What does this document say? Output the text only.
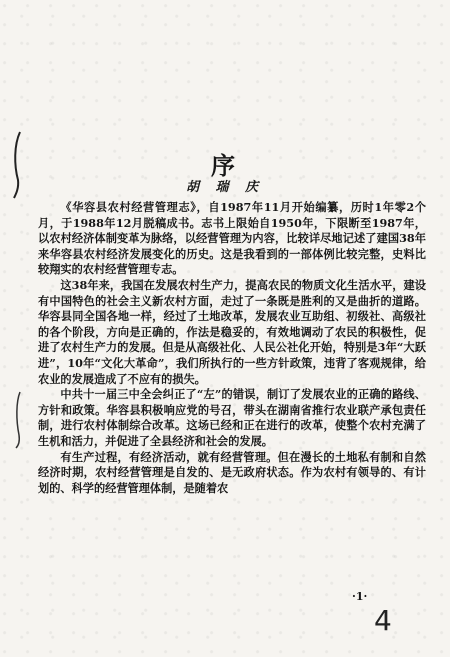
序
胡 瑞 庆

《华容县农村经营管理志》，自1987年11月开始编纂，历时1年零2个月，于1988年12月脱稿成书。志书上限始自1950年，下限断至1987年，以农村经济体制变革为脉络，以经营管理为内容，比较详尽地记述了建国38年来华容县农村经济发展变化的历史。这是我看到的一部体例比较完整，史料比较翔实的农村经营管理专志。

这38年来，我国在发展农村生产力，提高农民的物质文化生活水平，建设有中国特色的社会主义新农村方面，走过了一条既是胜利的又是曲折的道路。华容县同全国各地一样，经过了土地改革，发展农业互助组、初级社、高级社的各个阶段，方向是正确的，作法是稳妥的，有效地调动了农民的积极性，促进了农村生产力的发展。但是从高级社化、人民公社化开始，特别是3年“大跃进”，10年“文化大革命”，我们所执行的一些方针政策，违背了客观规律，给农业的发展造成了不应有的损失。

中共十一届三中全会纠正了“左”的错误，制订了发展农业的正确的路线、方针和政策。华容县积极响应党的号召，带头在湖南省推行农业联产承包责任制，进行农村体制综合改革。这场已经和正在进行的改革，使整个农村充满了生机和活力，并促进了全县经济和社会的发展。

有生产过程，有经济活动，就有经营管理。但在漫长的土地私有制和自然经济时期，农村经营管理是自发的、是无政府状态。作为农村有领导的、有计划的、科学的经营管理体制，是随着农

·1·
4
